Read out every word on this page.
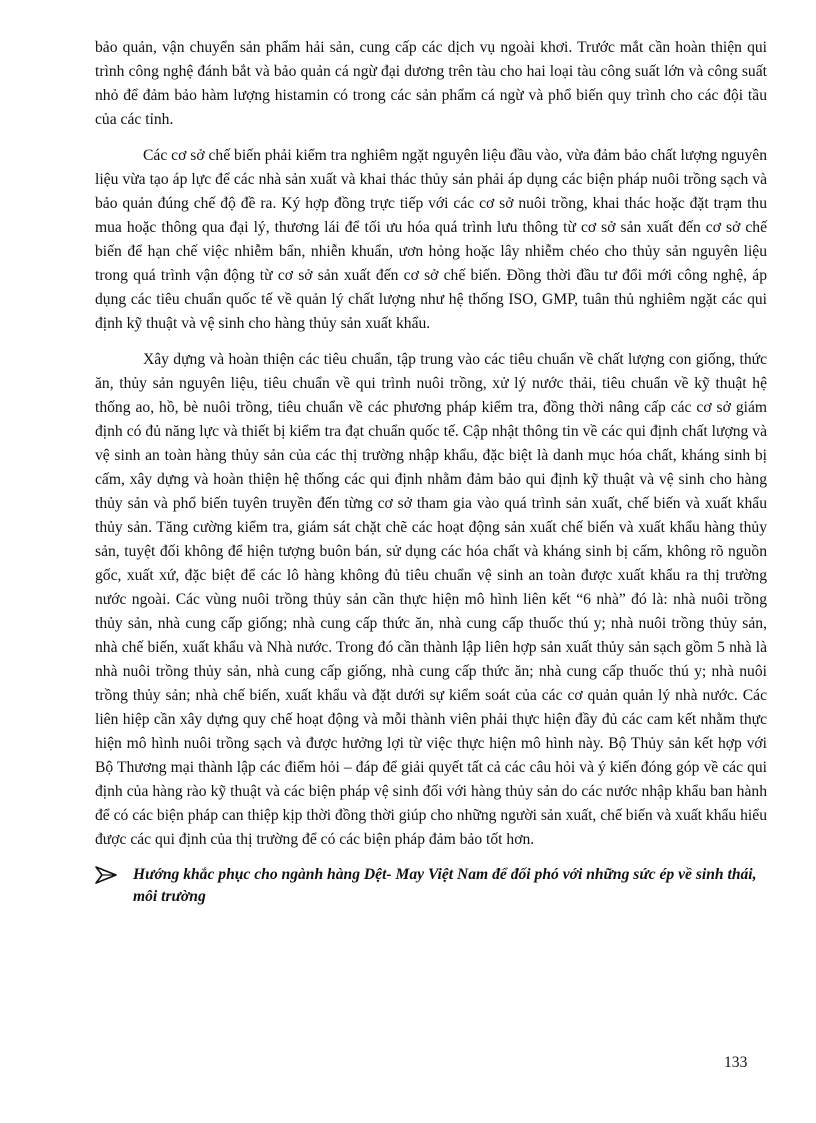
bảo quản, vận chuyển sản phẩm hải sản, cung cấp các dịch vụ ngoài khơi. Trước mắt cần hoàn thiện qui trình công nghệ đánh bắt và bảo quản cá ngừ đại dương trên tàu cho hai loại tàu công suất lớn và công suất nhỏ để đảm bảo hàm lượng histamin có trong các sản phẩm cá ngừ và phổ biến quy trình cho các đội tầu của các tỉnh.

Các cơ sở chế biến phải kiểm tra nghiêm ngặt nguyên liệu đầu vào, vừa đảm bảo chất lượng nguyên liệu vừa tạo áp lực để các nhà sản xuất và khai thác thủy sản phải áp dụng các biện pháp nuôi trồng sạch và bảo quản đúng chế độ đề ra. Ký hợp đồng trực tiếp với các cơ sở nuôi trồng, khai thác hoặc đặt trạm thu mua hoặc thông qua đại lý, thương lái để tối ưu hóa quá trình lưu thông từ cơ sở sản xuất đến cơ sở chế biến để hạn chế việc nhiễm bẩn, nhiễn khuẩn, ươn hỏng hoặc lây nhiễm chéo cho thủy sản nguyên liệu trong quá trình vận động từ cơ sở sản xuất đến cơ sở chế biến. Đồng thời đầu tư đổi mới công nghệ, áp dụng các tiêu chuẩn quốc tế về quản lý chất lượng như hệ thống ISO, GMP, tuân thủ nghiêm ngặt các qui định kỹ thuật và vệ sinh cho hàng thủy sản xuất khẩu.

Xây dựng và hoàn thiện các tiêu chuẩn, tập trung vào các tiêu chuẩn về chất lượng con giống, thức ăn, thủy sản nguyên liệu, tiêu chuẩn về qui trình nuôi trồng, xử lý nước thải, tiêu chuẩn về kỹ thuật hệ thống ao, hồ, bè nuôi trồng, tiêu chuẩn về các phương pháp kiểm tra, đồng thời nâng cấp các cơ sở giám định có đủ năng lực và thiết bị kiểm tra đạt chuẩn quốc tế. Cập nhật thông tin về các qui định chất lượng và vệ sinh an toàn hàng thủy sản của các thị trường nhập khẩu, đặc biệt là danh mục hóa chất, kháng sinh bị cấm, xây dựng và hoàn thiện hệ thống các qui định nhằm đảm bảo qui định kỹ thuật và vệ sinh cho hàng thủy sản và phổ biến tuyên truyền đến từng cơ sở tham gia vào quá trình sản xuất, chế biến và xuất khẩu thủy sản. Tăng cường kiểm tra, giám sát chặt chẽ các hoạt động sản xuất chế biến và xuất khẩu hàng thủy sản, tuyệt đối không để hiện tượng buôn bán, sử dụng các hóa chất và kháng sinh bị cấm, không rõ nguồn gốc, xuất xứ, đặc biệt để các lô hàng không đủ tiêu chuẩn vệ sinh an toàn được xuất khẩu ra thị trường nước ngoài. Các vùng nuôi trồng thủy sản cần thực hiện mô hình liên kết “6 nhà” đó là: nhà nuôi trồng thủy sản, nhà cung cấp giống; nhà cung cấp thức ăn, nhà cung cấp thuốc thú y; nhà nuôi trồng thủy sản, nhà chế biến, xuất khẩu và Nhà nước. Trong đó cần thành lập liên hợp sản xuất thủy sản sạch gồm 5 nhà là nhà nuôi trồng thủy sản, nhà cung cấp giống, nhà cung cấp thức ăn; nhà cung cấp thuốc thú y; nhà nuôi trồng thủy sản; nhà chế biến, xuất khẩu và đặt dưới sự kiểm soát của các cơ quản quản lý nhà nước. Các liên hiệp cần xây dựng quy chế hoạt động và mỗi thành viên phải thực hiện đầy đủ các cam kết nhằm thực hiện mô hình nuôi trồng sạch và được hưởng lợi từ việc thực hiện mô hình này. Bộ Thủy sản kết hợp với Bộ Thương mại thành lập các điểm hỏi – đáp để giải quyết tất cả các câu hỏi và ý kiến đóng góp về các qui định của hàng rào kỹ thuật và các biện pháp vệ sinh đối với hàng thủy sản do các nước nhập khẩu ban hành để có các biện pháp can thiệp kịp thời đồng thời giúp cho những người sản xuất, chế biến và xuất khẩu hiểu được các qui định của thị trường để có các biện pháp đảm bảo tốt hơn.

Hướng khắc phục cho ngành hàng Dệt- May Việt Nam để đối phó với những sức ép về sinh thái, môi trường
133
